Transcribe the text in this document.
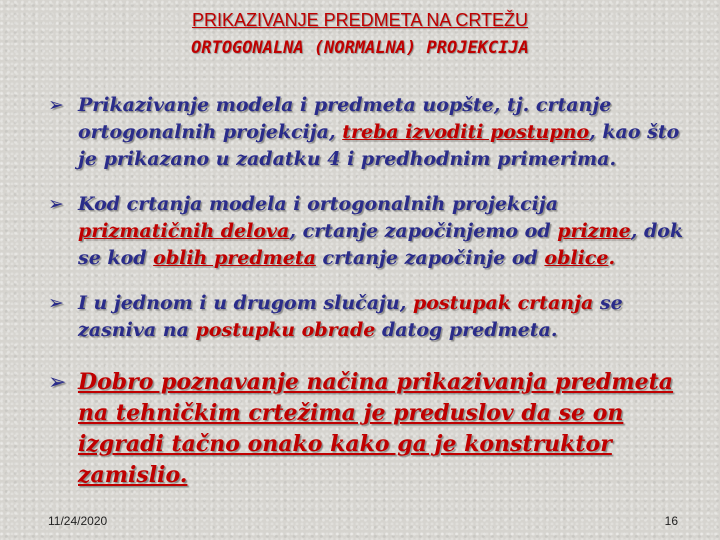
PRIKAZIVANJE PREDMETA NA CRTEŽU
ORTOGONALNA (NORMALNA) PROJEKCIJA
➢ Prikazivanje modela i predmeta uopšte, tj. crtanje ortogonalnih projekcija, treba izvoditi postupno, kao što je prikazano u zadatku 4 i predhodnim primerima.
➢ Kod crtanja modela i ortogonalnih projekcija prizmatičnih delova, crtanje započinjemo od prizme, dok se kod oblih predmeta crtanje započinje od oblice.
➢ I u jednom i u drugom slučaju, postupak crtanja se zasniva na postupku obrade datog predmeta.
➢ Dobro poznavanje načina prikazivanja predmeta na tehničkim crtežima je preduslov da se on izgradi tačno onako kako ga je konstruktor zamislio.
11/24/2020	16
